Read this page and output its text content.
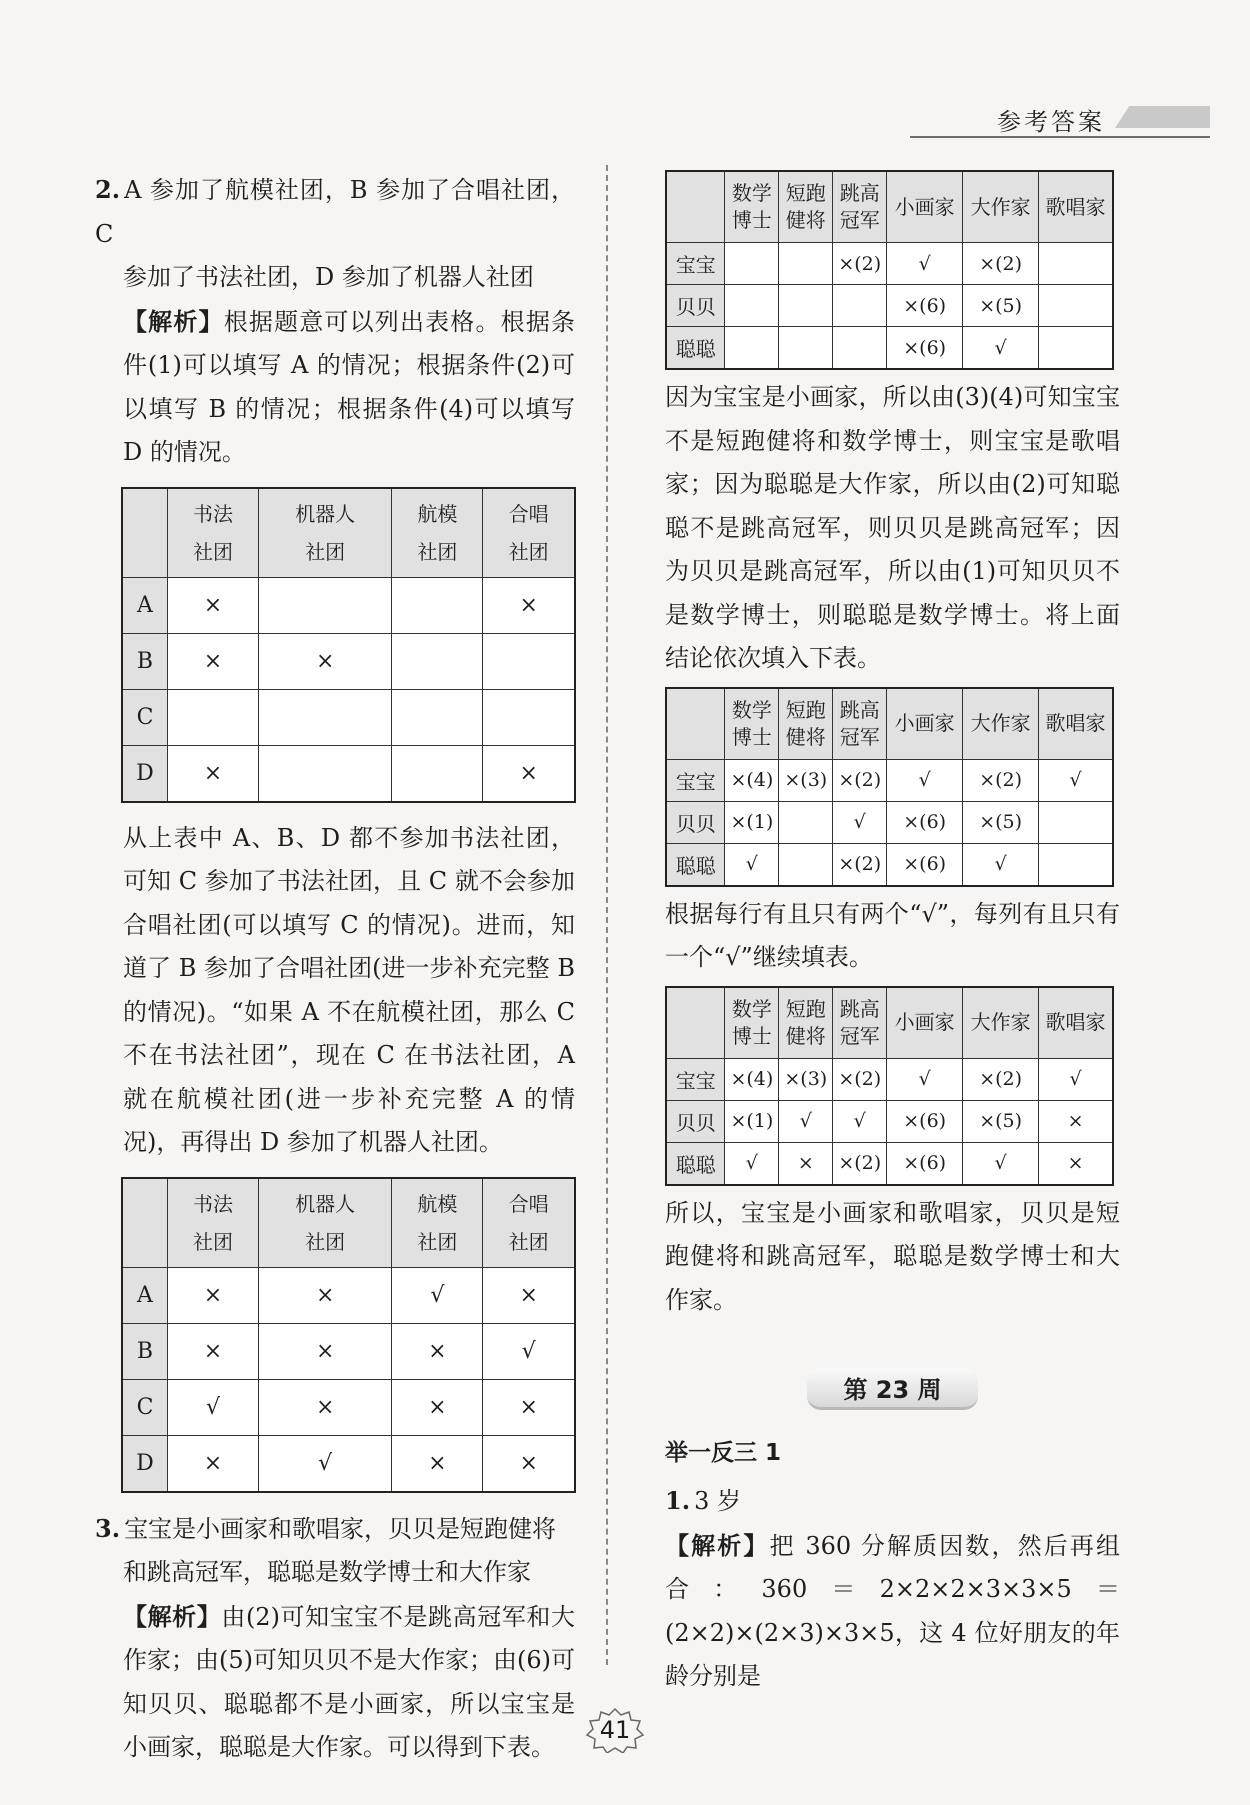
参考答案

2. A 参加了航模社团，B 参加了合唱社团，C

参加了书法社团，D 参加了机器人社团

【解析】根据题意可以列出表格。根据条件(1)可以填写 A 的情况；根据条件(2)可以填写 B 的情况；根据条件(4)可以填写 D 的情况。

	书法
社团	机器人
社团	航模
社团	合唱
社团
A	×			×
B	×	×		
C				
D	×			×

从上表中 A、B、D 都不参加书法社团，可知 C 参加了书法社团，且 C 就不会参加合唱社团(可以填写 C 的情况)。进而，知道了 B 参加了合唱社团(进一步补充完整 B 的情况)。“如果 A 不在航模社团，那么 C 不在书法社团”，现在 C 在书法社团，A 就在航模社团(进一步补充完整 A 的情况)，再得出 D 参加了机器人社团。

	书法
社团	机器人
社团	航模
社团	合唱
社团
A	×	×	√	×
B	×	×	×	√
C	√	×	×	×
D	×	√	×	×

3. 宝宝是小画家和歌唱家，贝贝是短跑健将

和跳高冠军，聪聪是数学博士和大作家

【解析】由(2)可知宝宝不是跳高冠军和大作家；由(5)可知贝贝不是大作家；由(6)可知贝贝、聪聪都不是小画家，所以宝宝是小画家，聪聪是大作家。可以得到下表。

	数学
博士	短跑
健将	跳高
冠军	小画家	大作家	歌唱家
宝宝			×(2)	√	×(2)	
贝贝				×(6)	×(5)	
聪聪				×(6)	√	

因为宝宝是小画家，所以由(3)(4)可知宝宝不是短跑健将和数学博士，则宝宝是歌唱家；因为聪聪是大作家，所以由(2)可知聪聪不是跳高冠军，则贝贝是跳高冠军；因为贝贝是跳高冠军，所以由(1)可知贝贝不是数学博士，则聪聪是数学博士。将上面结论依次填入下表。

	数学
博士	短跑
健将	跳高
冠军	小画家	大作家	歌唱家
宝宝	×(4)	×(3)	×(2)	√	×(2)	√
贝贝	×(1)		√	×(6)	×(5)	
聪聪	√		×(2)	×(6)	√	

根据每行有且只有两个“√”，每列有且只有一个“√”继续填表。

	数学
博士	短跑
健将	跳高
冠军	小画家	大作家	歌唱家
宝宝	×(4)	×(3)	×(2)	√	×(2)	√
贝贝	×(1)	√	√	×(6)	×(5)	×
聪聪	√	×	×(2)	×(6)	√	×

所以，宝宝是小画家和歌唱家，贝贝是短跑健将和跳高冠军，聪聪是数学博士和大作家。

第 23 周
举一反三 1

1. 3 岁

【解析】把 360 分解质因数，然后再组合：360＝2×2×2×3×3×5＝(2×2)×(2×3)×3×5，这 4 位好朋友的年龄分别是

41
